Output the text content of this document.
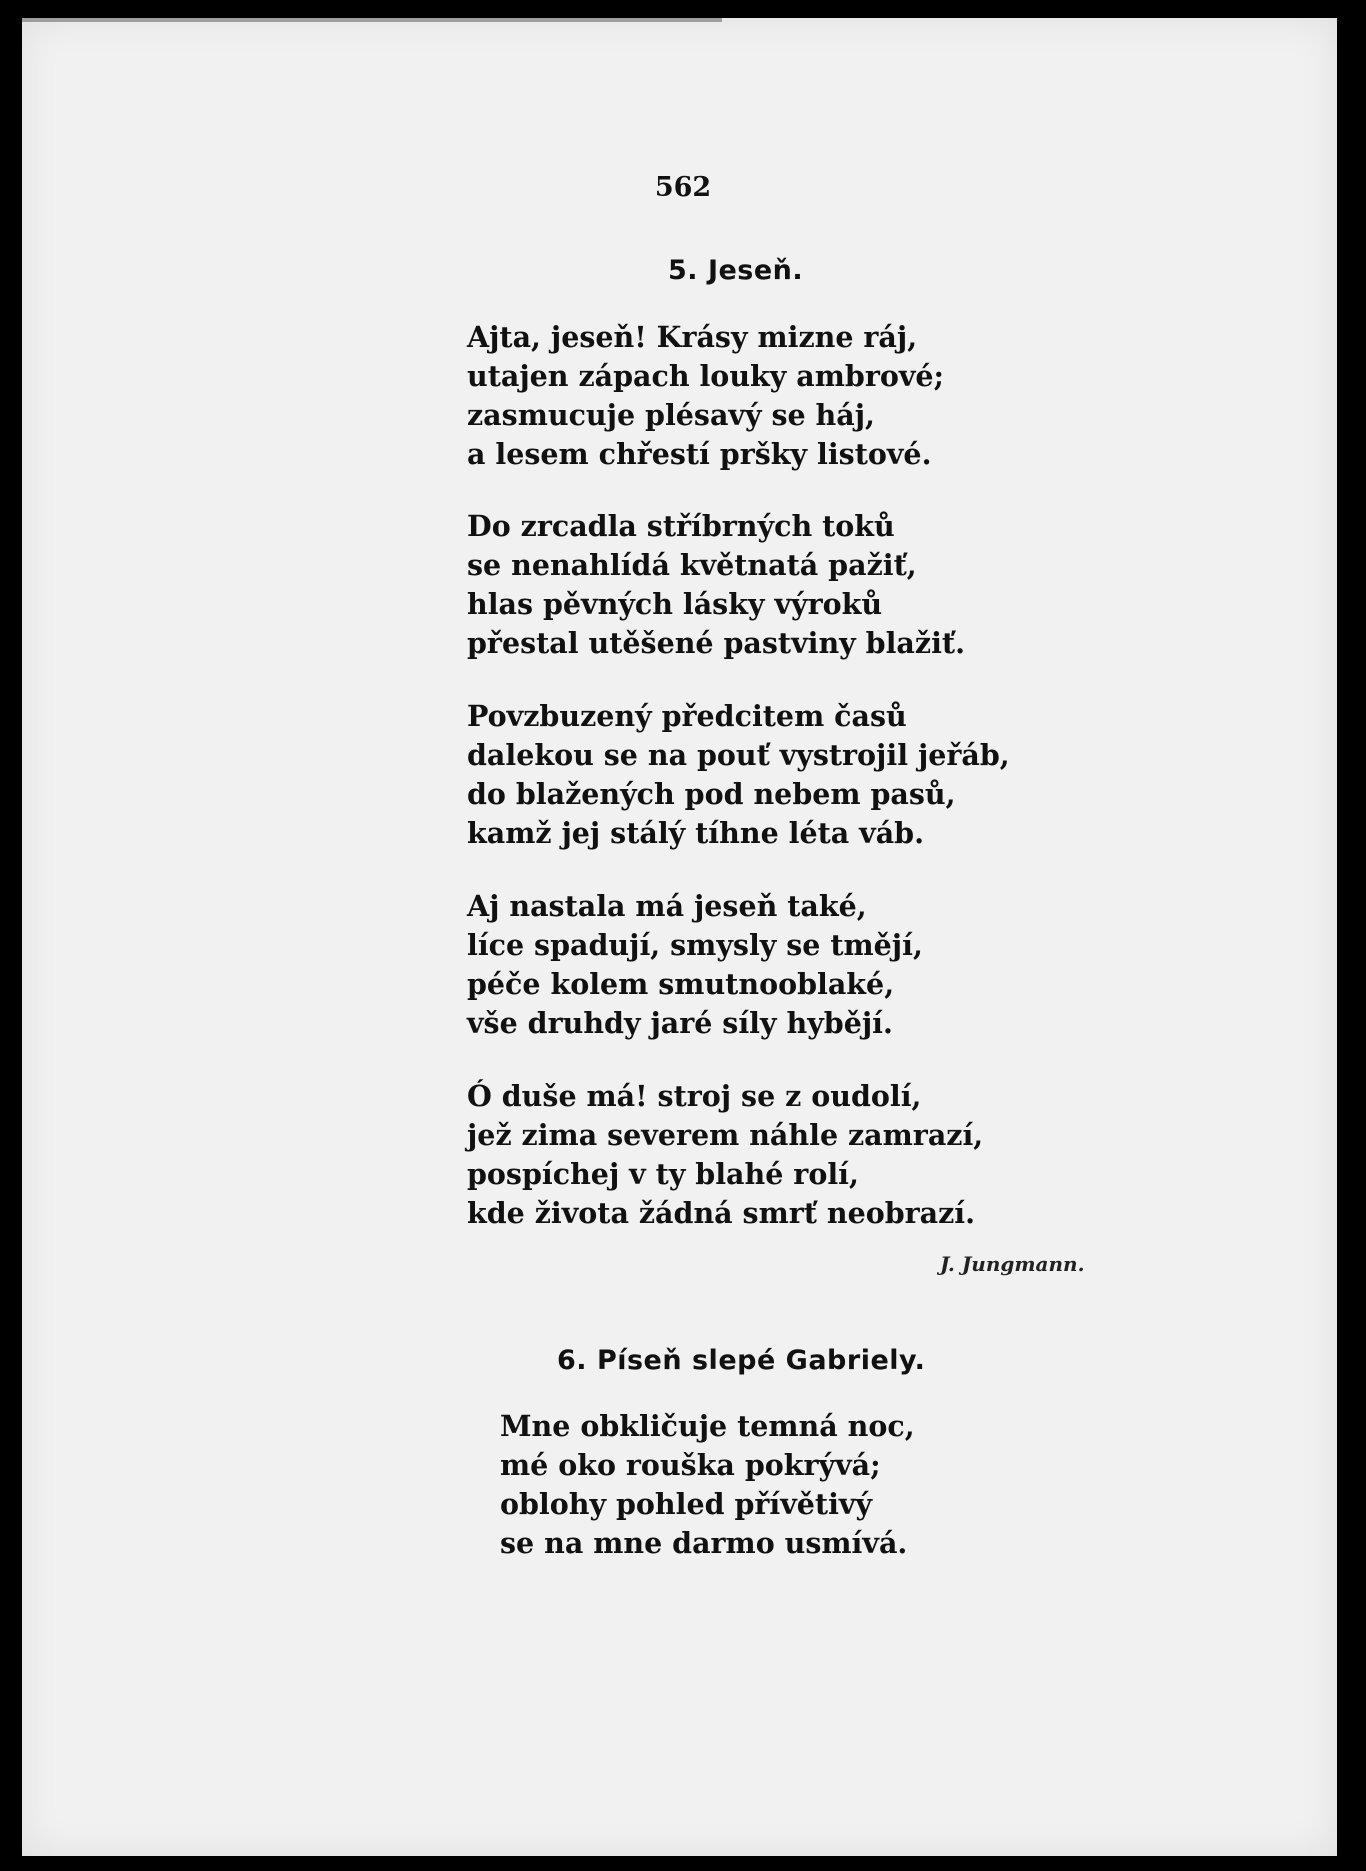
562
5. Jeseň.

Ajta, jeseň! Krásy mizne ráj,
utajen zápach louky ambrové;
zasmucuje plésavý se háj,
a lesem chřestí pršky listové.

Do zrcadla stříbrných toků
se nenahlídá květnatá pažiť,
hlas pěvných lásky výroků
přestal utěšené pastviny blažiť.

Povzbuzený předcitem časů
dalekou se na pouť vystrojil jeřáb,
do blažených pod nebem pasů,
kamž jej stálý tíhne léta váb.

Aj nastala má jeseň také,
líce spadují, smysly se tmějí,
péče kolem smutnooblaké,
vše druhdy jaré síly hybějí.

Ó duše má! stroj se z oudolí,
jež zima severem náhle zamrazí,
pospíchej v ty blahé rolí,
kde života žádná smrť neobrazí.

J. Jungmann.
6. Píseň slepé Gabriely.

Mne obkličuje temná noc,
mé oko rouška pokrývá;
oblohy pohled přívětivý
se na mne darmo usmívá.
